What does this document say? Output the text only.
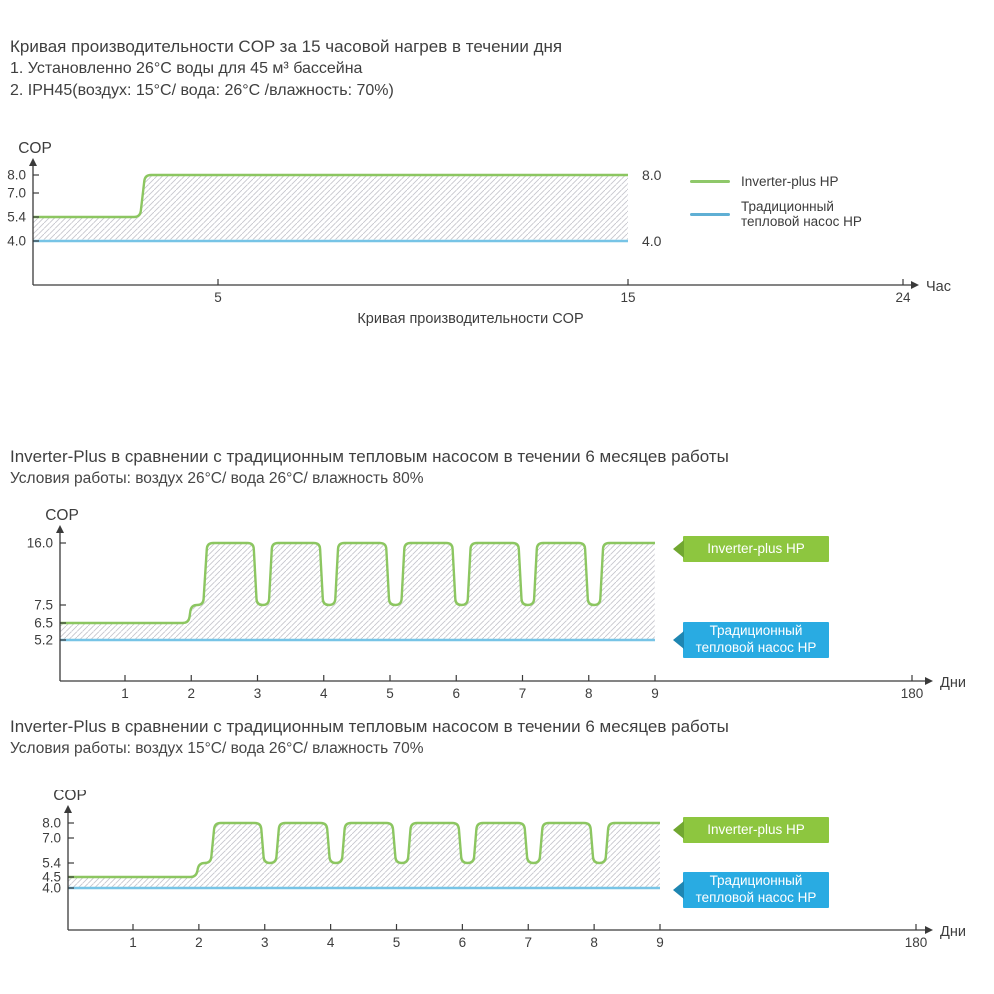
Кривая производительности COP за 15 часовой нагрев в течении дня
1. Установленно 26°C воды для 45 м³ бассейна
2. IPH45(воздух: 15°C/ вода: 26°C /влажность: 70%)
Inverter-plus HP
Традиционный тепловой насос HP
8.0
7.0
5.4
4.0
5	15	24
COP
Час
8.0
4.0
Кривая производительности COP
Inverter-Plus в сравнении с традиционным тепловым насосом в течении 6 месяцев работы
Условия работы: воздух 26°C/ вода 26°C/ влажность 80%
Inverter-plus HP
Традиционный тепловой насос HP
16.0
7.5
6.5
5.2
1	2	3	4	5	6	7	8	9	180
COP
Дни
Inverter-Plus в сравнении с традиционным тепловым насосом в течении 6 месяцев работы
Условия работы: воздух 15°C/ вода 26°C/ влажность 70%
Inverter-plus HP
Традиционный тепловой насос HP
8.0
7.0
5.4
4.5
4.0
1	2	3	4	5	6	7	8	9	180
COP
Дни
